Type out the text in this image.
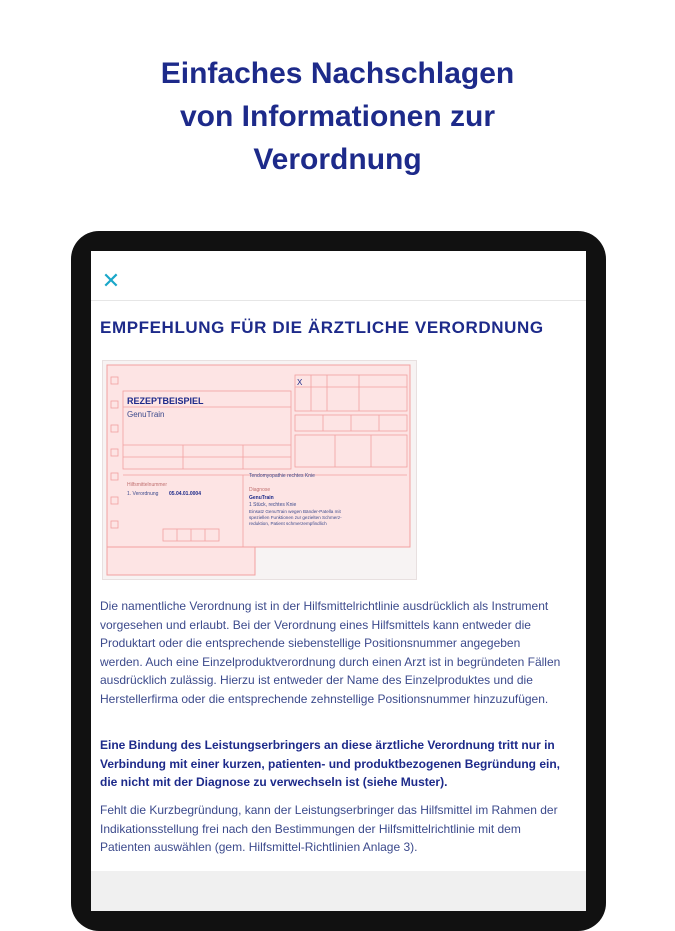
Einfaches Nachschlagen
von Informationen zur
Verordnung
✕
EMPFEHLUNG FÜR DIE ÄRZTLICHE VERORDNUNG
X
REZEPTBEISPIEL
GenuTrain
Hilfsmittelnummer
1. Verordnung 05.04.01.0004
Tendomyopathie rechtes Knie
Diagnose
GenuTrain
1 Stück, rechtes Knie
Einsatz GenuTrain wegen Bänder-Patella mit
speziellen Funktionen zur gezielten Schmerz-
reduktion, Patient schmerzempfindlich
Die namentliche Verordnung ist in der Hilfsmittelrichtlinie ausdrücklich als Instrument vorgesehen und erlaubt. Bei der Verordnung eines Hilfsmittels kann entweder die Produktart oder die entsprechende siebenstellige Positionsnummer angegeben werden. Auch eine Einzelproduktverordnung durch einen Arzt ist in begründeten Fällen ausdrücklich zulässig. Hierzu ist entweder der Name des Einzelproduktes und die Herstellerfirma oder die entsprechende zehnstellige Positionsnummer hinzuzufügen.
Eine Bindung des Leistungserbringers an diese ärztliche Verordnung tritt nur in Verbindung mit einer kurzen, patienten- und produktbezogenen Begründung ein, die nicht mit der Diagnose zu verwechseln ist (siehe Muster).
Fehlt die Kurzbegründung, kann der Leistungserbringer das Hilfsmittel im Rahmen der Indikationsstellung frei nach den Bestimmungen der Hilfsmittelrichtlinie mit dem Patienten auswählen (gem. Hilfsmittel-Richtlinien Anlage 3).
